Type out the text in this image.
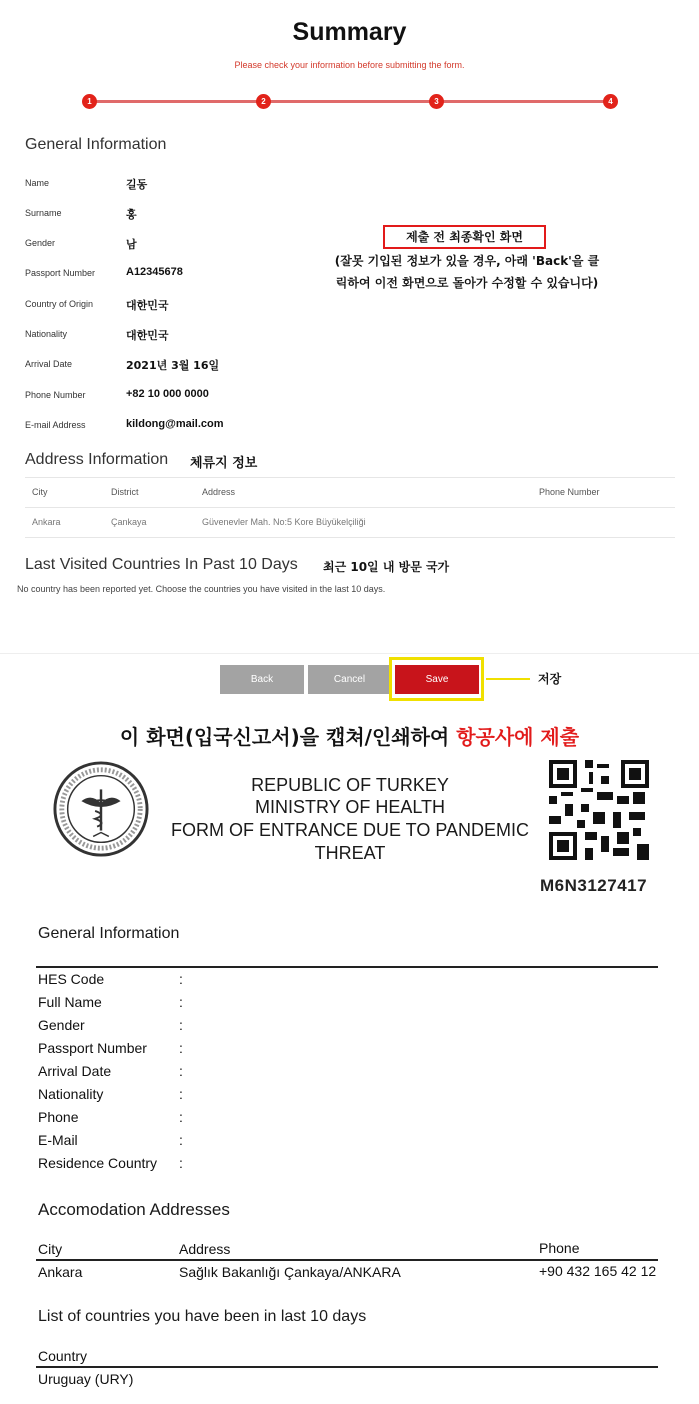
Summary
Please check your information before submitting the form.
1	2	3	4
General Information
Name	길동
Surname	홍
Gender	남
Passport Number	A12345678
Country of Origin	대한민국
Nationality	대한민국
Arrival Date	2021년 3월 16일
Phone Number	+82 10 000 0000
E-mail Address	kildong@mail.com
제출 전 최종확인 화면
(잘못 기입된 정보가 있을 경우, 아래 'Back'을 클
릭하여 이전 화면으로 돌아가 수정할 수 있습니다)
Address Information 체류지 정보
City	District	Address	Phone Number
Ankara	Çankaya	Güvenevler Mah. No:5 Kore Büyükelçiliği
Last Visited Countries In Past 10 Days 최근 10일 내 방문 국가
No country has been reported yet. Choose the countries you have visited in the last 10 days.
Back	Cancel	Save	저장
이 화면(입국신고서)을 캡쳐/인쇄하여 항공사에 제출
REPUBLIC OF TURKEY
MINISTRY OF HEALTH
FORM OF ENTRANCE DUE TO PANDEMIC
THREAT
M6N3127417
General Information
HES Code	:
Full Name	:
Gender	:
Passport Number :
Arrival Date	:
Nationality	:
Phone	:
E-Mail	:
Residence Country :
Accomodation Addresses
City	Address	Phone
Ankara	Sağlık Bakanlığı Çankaya/ANKARA	+90 432 165 42 12
List of countries you have been in last 10 days
Country
Uruguay (URY)
